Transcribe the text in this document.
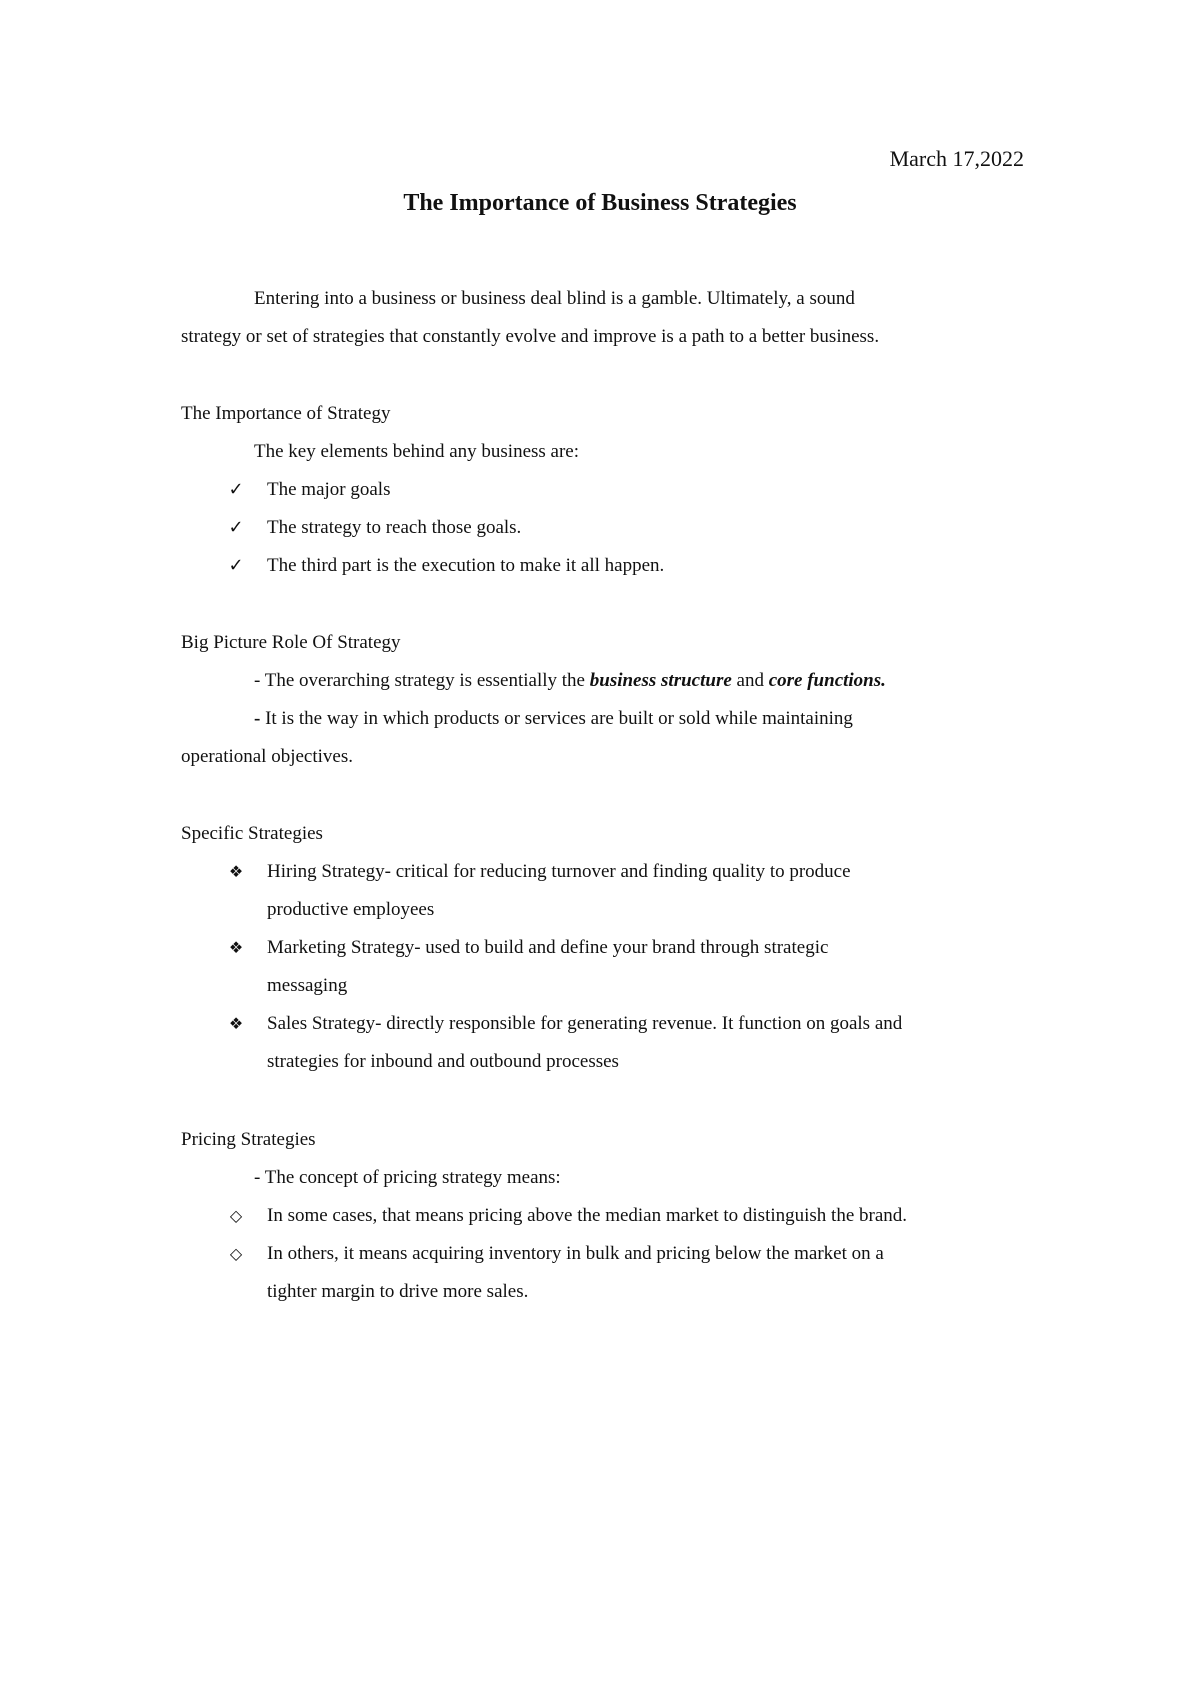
March 17,2022
The Importance of Business Strategies
Entering into a business or business deal blind is a gamble. Ultimately, a sound
strategy or set of strategies that constantly evolve and improve is a path to a better business.
The Importance of Strategy
The key elements behind any business are:
✓ The major goals
✓ The strategy to reach those goals.
✓ The third part is the execution to make it all happen.
Big Picture Role Of Strategy
- The overarching strategy is essentially the business structure and core functions.
- It is the way in which products or services are built or sold while maintaining
operational objectives.
Specific Strategies
❖ Hiring Strategy- critical for reducing turnover and finding quality to produce
productive employees
❖ Marketing Strategy- used to build and define your brand through strategic
messaging
❖ Sales Strategy- directly responsible for generating revenue. It function on goals and
strategies for inbound and outbound processes
Pricing Strategies
- The concept of pricing strategy means:
◇ In some cases, that means pricing above the median market to distinguish the brand.
◇ In others, it means acquiring inventory in bulk and pricing below the market on a
tighter margin to drive more sales.
